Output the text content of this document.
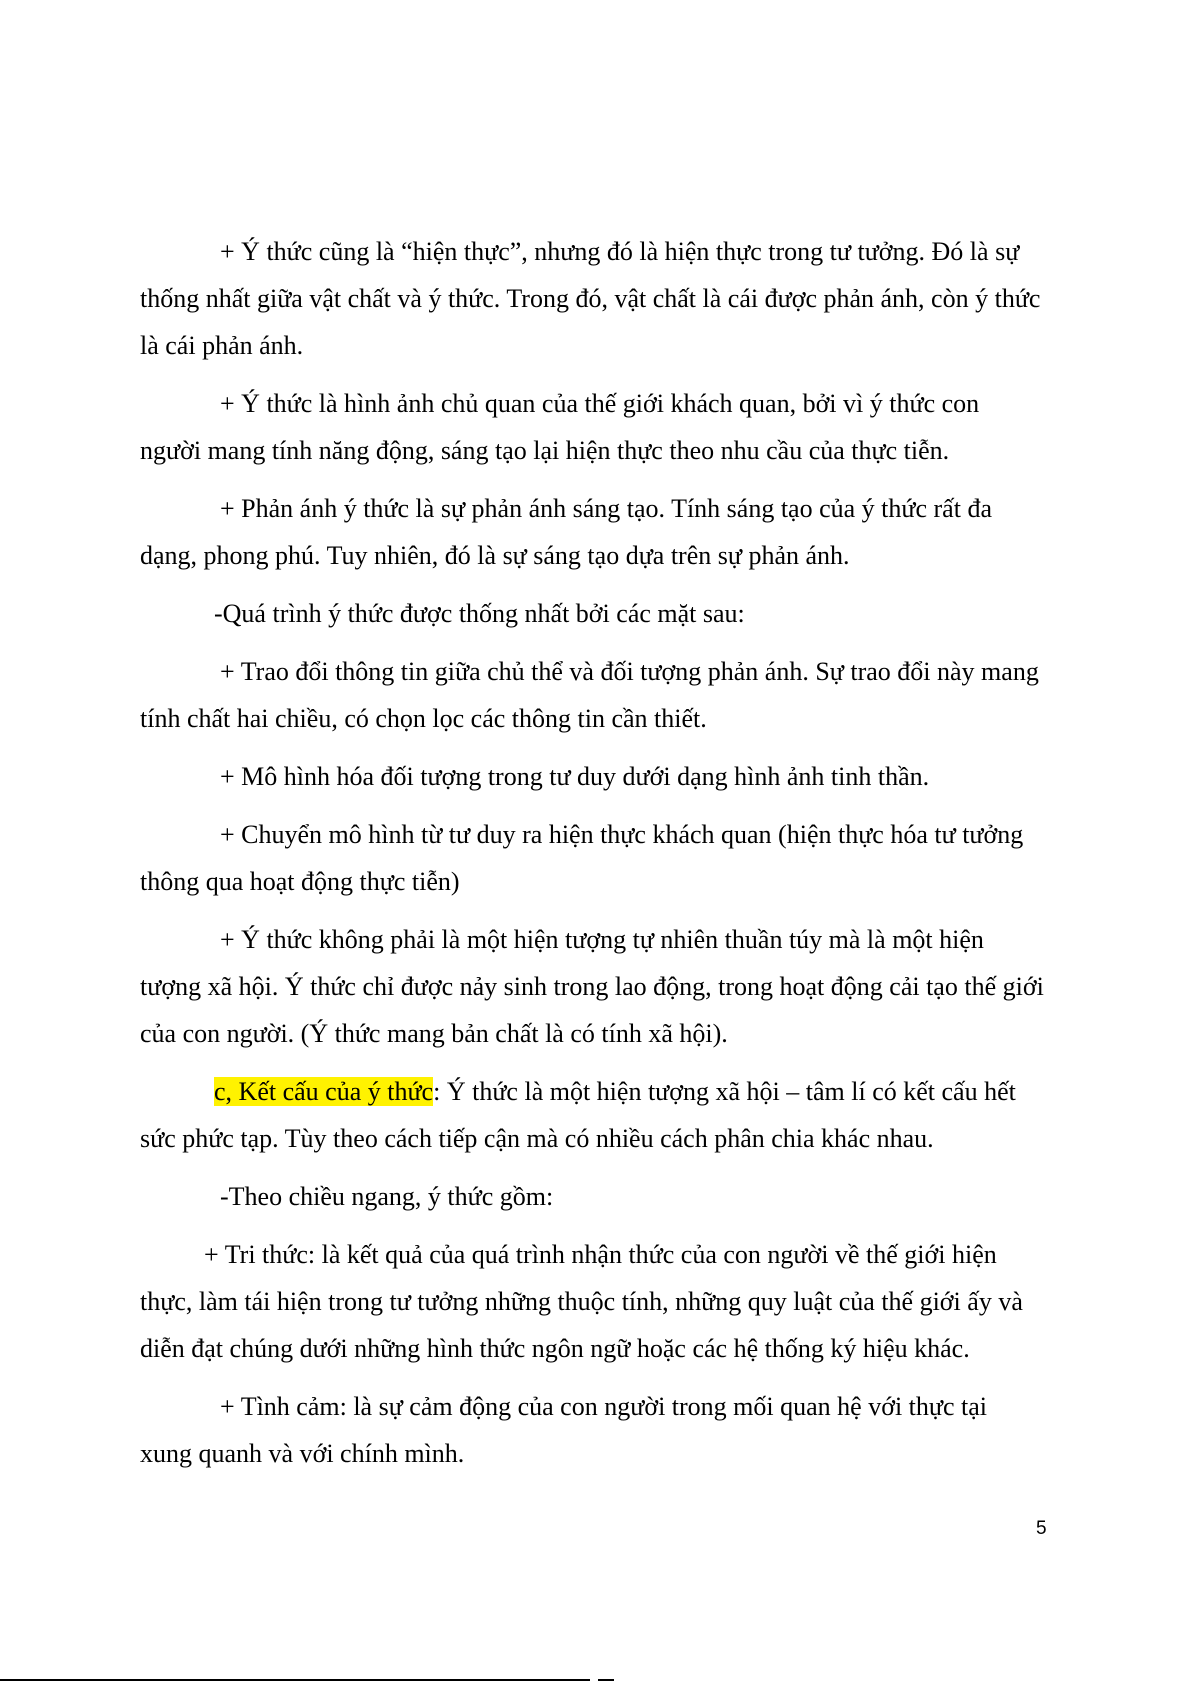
+ Ý thức cũng là “hiện thực”, nhưng đó là hiện thực trong tư tưởng. Đó là sự thống nhất giữa vật chất và ý thức. Trong đó, vật chất là cái được phản ánh, còn ý thức là cái phản ánh.

+ Ý thức là hình ảnh chủ quan của thế giới khách quan, bởi vì ý thức con người mang tính năng động, sáng tạo lại hiện thực theo nhu cầu của thực tiễn.

+ Phản ánh ý thức là sự phản ánh sáng tạo. Tính sáng tạo của ý thức rất đa dạng, phong phú. Tuy nhiên, đó là sự sáng tạo dựa trên sự phản ánh.

-Quá trình ý thức được thống nhất bởi các mặt sau:

+ Trao đổi thông tin giữa chủ thể và đối tượng phản ánh. Sự trao đổi này mang tính chất hai chiều, có chọn lọc các thông tin cần thiết.

+ Mô hình hóa đối tượng trong tư duy dưới dạng hình ảnh tinh thần.

+ Chuyển mô hình từ tư duy ra hiện thực khách quan (hiện thực hóa tư tưởng thông qua hoạt động thực tiễn)

+ Ý thức không phải là một hiện tượng tự nhiên thuần túy mà là một hiện tượng xã hội. Ý thức chỉ được nảy sinh trong lao động, trong hoạt động cải tạo thế giới của con người. (Ý thức mang bản chất là có tính xã hội).

c, Kết cấu của ý thức: Ý thức là một hiện tượng xã hội – tâm lí có kết cấu hết sức phức tạp. Tùy theo cách tiếp cận mà có nhiều cách phân chia khác nhau.

-Theo chiều ngang, ý thức gồm:

+ Tri thức: là kết quả của quá trình nhận thức của con người về thế giới hiện thực, làm tái hiện trong tư tưởng những thuộc tính, những quy luật của thế giới ấy và diễn đạt chúng dưới những hình thức ngôn ngữ hoặc các hệ thống ký hiệu khác.

+ Tình cảm: là sự cảm động của con người trong mối quan hệ với thực tại xung quanh và với chính mình.

5
